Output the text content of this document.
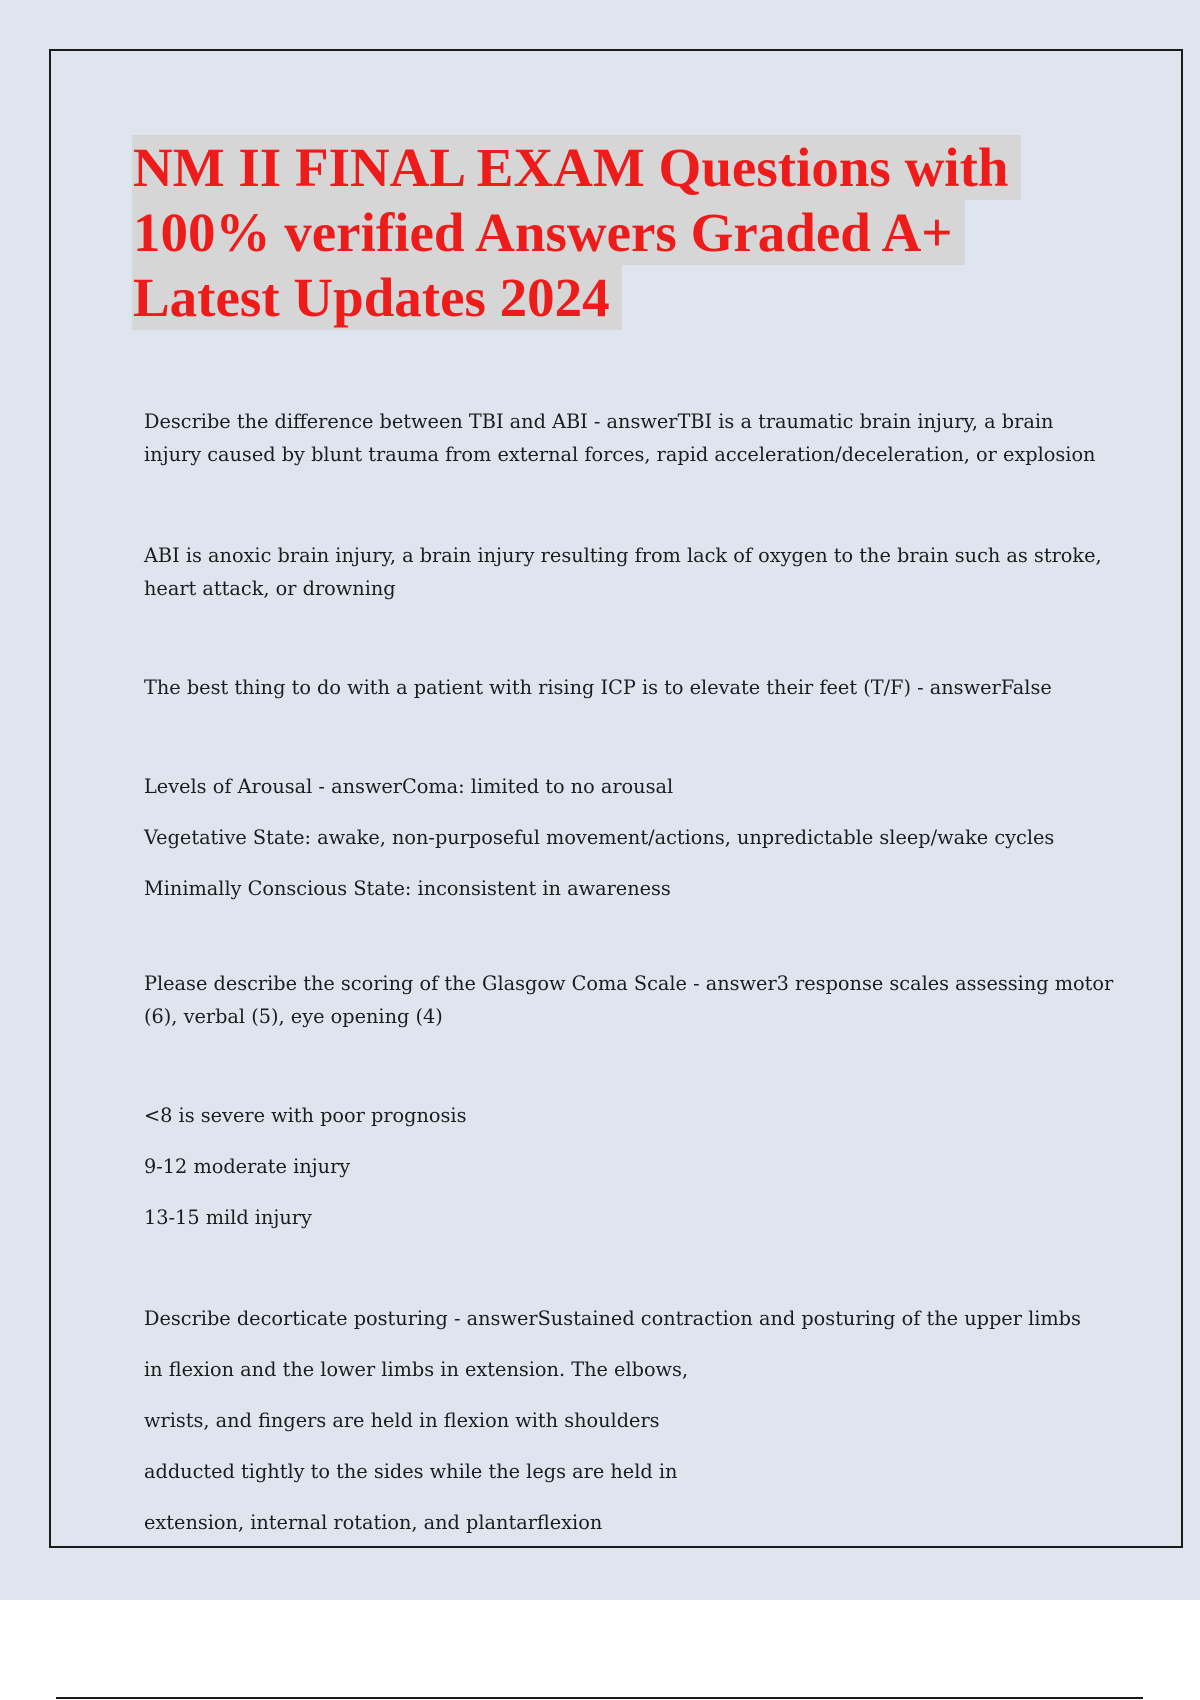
NM II FINAL EXAM Questions with
100% verified Answers Graded A+
Latest Updates 2024

Describe the difference between TBI and ABI - answerTBI is a traumatic brain injury, a brain

injury caused by blunt trauma from external forces, rapid acceleration/deceleration, or explosion

ABI is anoxic brain injury, a brain injury resulting from lack of oxygen to the brain such as stroke,

heart attack, or drowning

The best thing to do with a patient with rising ICP is to elevate their feet (T/F) - answerFalse

Levels of Arousal - answerComa: limited to no arousal

Vegetative State: awake, non-purposeful movement/actions, unpredictable sleep/wake cycles

Minimally Conscious State: inconsistent in awareness

Please describe the scoring of the Glasgow Coma Scale - answer3 response scales assessing motor

(6), verbal (5), eye opening (4)

<8 is severe with poor prognosis

9-12 moderate injury

13-15 mild injury

Describe decorticate posturing - answerSustained contraction and posturing of the upper limbs

in flexion and the lower limbs in extension. The elbows,

wrists, and fingers are held in flexion with shoulders

adducted tightly to the sides while the legs are held in

extension, internal rotation, and plantarflexion
